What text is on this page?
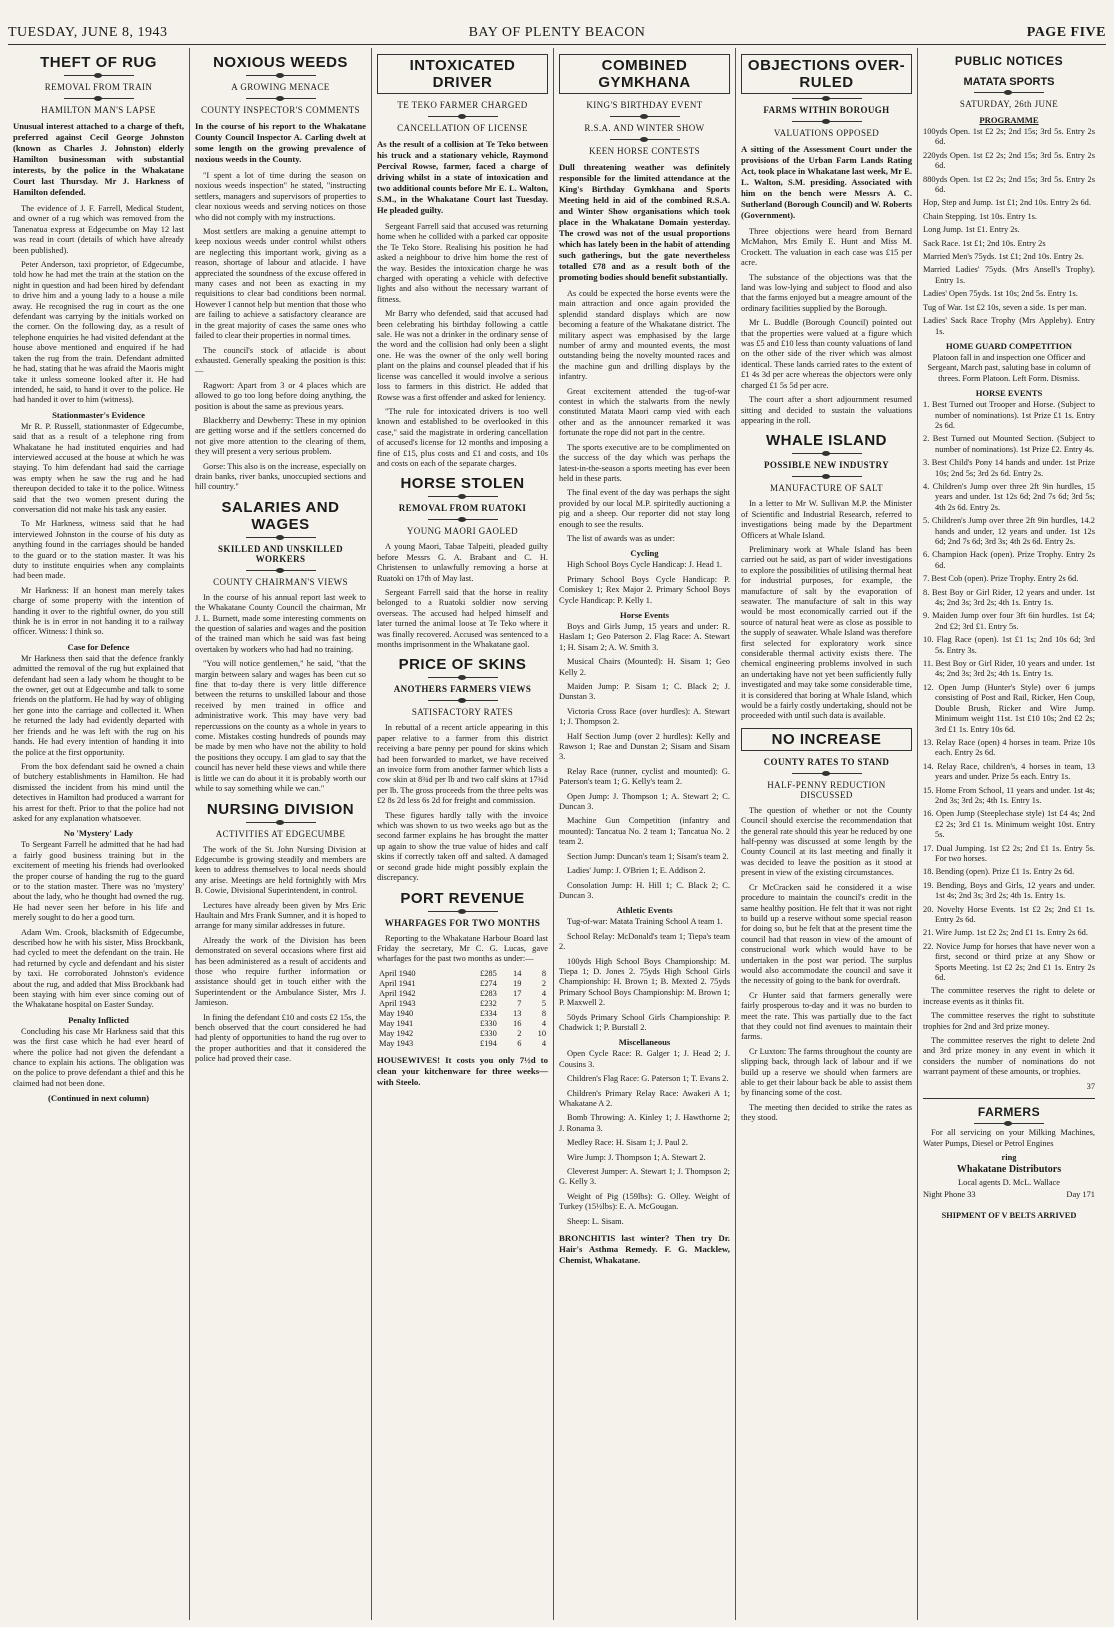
TUESDAY, JUNE 8, 1943	BAY OF PLENTY BEACON	PAGE FIVE
THEFT OF RUG
REMOVAL FROM TRAIN
HAMILTON MAN'S LAPSE
Unusual interest attached to a charge of theft, preferred against Cecil George Johnston (known as Charles J. Johnston) elderly Hamilton businessman with substantial interests, by the police in the Whakatane Court last Thursday. Mr J. Harkness of Hamilton defended.

The evidence of J. F. Farrell, Medical Student, and owner of a rug which was removed from the Tanenatua express at Edgecumbe on May 12 last was read in court (details of which have already been published).

Peter Anderson, taxi proprietor, of Edgecumbe, told how he had met the train at the station on the night in question and had been hired by defendant to drive him and a young lady to a house a mile away. He recognised the rug in court as the one defendant was carrying by the initials worked on the corner. On the following day, as a result of telephone enquiries he had visited defendant at the house above mentioned and enquired if he had taken the rug from the train. Defendant admitted he had, stating that he was afraid the Maoris might take it unless someone looked after it. He had intended, he said, to hand it over to the police. He had handed it over to him (witness).

Stationmaster's Evidence

Mr R. P. Russell, stationmaster of Edgecumbe, said that as a result of a telephone ring from Whakatane he had instituted enquiries and had interviewed accused at the house at which he was staying. To him defendant had said the carriage was empty when he saw the rug and he had thereupon decided to take it to the police. Witness said that the two women present during the conversation did not make his task any easier.

To Mr Harkness, witness said that he had interviewed Johnston in the course of his duty as anything found in the carriages should be handed to the guard or to the station master. It was his duty to institute enquiries when any complaints had been made.

Mr Harkness: If an honest man merely takes charge of some property with the intention of handing it over to the rightful owner, do you still think he is in error in not handing it to a railway officer. Witness: I think so.

Case for Defence

Mr Harkness then said that the defence frankly admitted the removal of the rug but explained that defendant had seen a lady whom he thought to be the owner, get out at Edgecumbe and talk to some friends on the platform. He had by way of obliging her gone into the carriage and collected it. When he returned the lady had evidently departed with her friends and he was left with the rug on his hands. He had every intention of handing it into the police at the first opportunity.

From the box defendant said he owned a chain of butchery establishments in Hamilton. He had dismissed the incident from his mind until the detectives in Hamilton had produced a warrant for his arrest for theft. Prior to that the police had not asked for any explanation whatsoever.

No 'Mystery' Lady

To Sergeant Farrell he admitted that he had had a fairly good business training but in the excitement of meeting his friends had overlooked the proper course of handing the rug to the guard or to the station master. There was no 'mystery' about the lady, who he thought had owned the rug. He had never seen her before in his life and merely sought to do her a good turn.

Adam Wm. Crook, blacksmith of Edgecumbe, described how he with his sister, Miss Brockbank, had cycled to meet the defendant on the train. He had returned by cycle and defendant and his sister by taxi. He corroborated Johnston's evidence about the rug, and added that Miss Brockbank had been staying with him ever since coming out of the Whakatane hospital on Easter Sunday.

Penalty Inflicted

Concluding his case Mr Harkness said that this was the first case which he had ever heard of where the police had not given the defendant a chance to explain his actions. The obligation was on the police to prove defendant a thief and this he claimed had not been done.

(Continued in next column)
NOXIOUS WEEDS
A GROWING MENACE
COUNTY INSPECTOR'S COMMENTS
In the course of his report to the Whakatane County Council Inspector A. Carling dwelt at some length on the growing prevalence of noxious weeds in the County.

"I spent a lot of time during the season on noxious weeds inspection" he stated, "instructing settlers, managers and supervisors of properties to clear noxious weeds and serving notices on those who did not comply with my instructions.

Most settlers are making a genuine attempt to keep noxious weeds under control whilst others are neglecting this important work, giving as a reason, shortage of labour and atlacide. I have appreciated the soundness of the excuse offered in many cases and not been as exacting in my requisitions to clear bad conditions been normal. However I cannot help but mention that those who are failing to achieve a satisfactory clearance are in the great majority of cases the same ones who failed to clear their properties in normal times.

The council's stock of atlacide is about exhausted. Generally speaking the position is this:—

Ragwort: Apart from 3 or 4 places which are allowed to go too long before doing anything, the position is about the same as previous years.

Blackberry and Dewberry: These in my opinion are getting worse and if the settlers concerned do not give more attention to the clearing of them, they will present a very serious problem.

Gorse: This also is on the increase, especially on drain banks, river banks, unoccupied sections and hill country."

SALARIES AND WAGES
SKILLED AND UNSKILLED WORKERS
COUNTY CHAIRMAN'S VIEWS

In the course of his annual report last week to the Whakatane County Council the chairman, Mr J. L. Burnett, made some interesting comments on the question of salaries and wages and the position of the trained man which he said was fast being overtaken by workers who had had no training.

"You will notice gentlemen," he said, "that the margin between salary and wages has been cut so fine that to-day there is very little difference between the returns to unskilled labour and those received by men trained in office and administrative work. This may have very bad repercussions on the county as a whole in years to come. Mistakes costing hundreds of pounds may be made by men who have not the ability to hold the positions they occupy. I am glad to say that the council has never held these views and while there is little we can do about it it is probably worth our while to say something while we can."

NURSING DIVISION
ACTIVITIES AT EDGECUMBE

The work of the St. John Nursing Division at Edgecumbe is growing steadily and members are keen to address themselves to local needs should any arise. Meetings are held fortnightly with Mrs B. Cowie, Divisional Superintendent, in control.

Lectures have already been given by Mrs Eric Haultain and Mrs Frank Sumner, and it is hoped to arrange for many similar addresses in future.

Already the work of the Division has been demonstrated on several occasions where first aid has been administered as a result of accidents and those who require further information or assistance should get in touch either with the Superintendent or the Ambulance Sister, Mrs J. Jamieson.

In fining the defendant £10 and costs £2 15s, the bench observed that the court considered he had had plenty of opportunities to hand the rug over to the proper authorities and that it considered the police had proved their case.

INTOXICATED DRIVER
TE TEKO FARMER CHARGED
CANCELLATION OF LICENSE
As the result of a collision at Te Teko between his truck and a stationary vehicle, Raymond Percival Rowse, farmer, faced a charge of driving whilst in a state of intoxication and two additional counts before Mr E. L. Walton, S.M., in the Whakatane Court last Tuesday. He pleaded guilty.

Sergeant Farrell said that accused was returning home when he collided with a parked car opposite the Te Teko Store. Realising his position he had asked a neighbour to drive him home the rest of the way. Besides the intoxication charge he was charged with operating a vehicle with defective lights and also without the necessary warrant of fitness.

Mr Barry who defended, said that accused had been celebrating his birthday following a cattle sale. He was not a drinker in the ordinary sense of the word and the collision had only been a slight one. He was the owner of the only well boring plant on the plains and counsel pleaded that if his license was cancelled it would involve a serious loss to farmers in this district. He added that Rowse was a first offender and asked for leniency.

"The rule for intoxicated drivers is too well known and established to be overlooked in this case," said the magistrate in ordering cancellation of accused's license for 12 months and imposing a fine of £15, plus costs and £1 and costs, and 10s and costs on each of the separate charges.

HORSE STOLEN
REMOVAL FROM RUATOKI
YOUNG MAORI GAOLED

A young Maori, Tabae Talpeiti, pleaded guilty before Messrs G. A. Brabant and C. H. Christensen to unlawfully removing a horse at Ruatoki on 17th of May last.

Sergeant Farrell said that the horse in reality belonged to a Ruatoki soldier now serving overseas. The accused had helped himself and later turned the animal loose at Te Teko where it was finally recovered. Accused was sentenced to a months imprisonment in the Whakatane gaol.

PRICE OF SKINS
ANOTHERS FARMERS VIEWS
SATISFACTORY RATES

In rebuttal of a recent article appearing in this paper relative to a farmer from this district receiving a bare penny per pound for skins which had been forwarded to market, we have received an invoice form from another farmer which lists a cow skin at 8¾d per lb and two calf skins at 17¾d per lb. The gross proceeds from the three pelts was £2 8s 2d less 6s 2d for freight and commission.

These figures hardly tally with the invoice which was shown to us two weeks ago but as the second farmer explains he has brought the matter up again to show the true value of hides and calf skins if correctly taken off and salted. A damaged or second grade hide might possibly explain the discrepancy.

PORT REVENUE
WHARFAGES FOR TWO MONTHS

Reporting to the Whakatane Harbour Board last Friday the secretary, Mr C. G. Lucas, gave wharfages for the past two months as under:—

April 1940	£285	14	8
April 1941	£274	19	2
April 1942	£283	17	4
April 1943	£232	7	5
May 1940	£334	13	8
May 1941	£330	16	4
May 1942	£330	2	10
May 1943	£194	6	4
HOUSEWIVES! It costs you only 7½d to clean your kitchenware for three weeks—with Steelo.
COMBINED GYMKHANA
KING'S BIRTHDAY EVENT
R.S.A. AND WINTER SHOW
KEEN HORSE CONTESTS
Dull threatening weather was definitely responsible for the limited attendance at the King's Birthday Gymkhana and Sports Meeting held in aid of the combined R.S.A. and Winter Show organisations which took place in the Whakatane Domain yesterday. The crowd was not of the usual proportions which has lately been in the habit of attending such gatherings, but the gate nevertheless totalled £78 and as a result both of the promoting bodies should benefit substantially.

As could be expected the horse events were the main attraction and once again provided the splendid standard displays which are now becoming a feature of the Whakatane district. The military aspect was emphasised by the large number of army and mounted events, the most outstanding being the novelty mounted races and the machine gun and drilling displays by the infantry.

Great excitement attended the tug-of-war contest in which the stalwarts from the newly constituted Matata Maori camp vied with each other and as the announcer remarked it was fortunate the rope did not part in the centre.

The sports executive are to be complimented on the success of the day which was perhaps the latest-in-the-season a sports meeting has ever been held in these parts.

The final event of the day was perhaps the sight provided by our local M.P. spiritedly auctioning a pig and a sheep. Our reporter did not stay long enough to see the results.

The list of awards was as under:

Cycling

High School Boys Cycle Handicap: J. Head 1.

Primary School Boys Cycle Handicap: P. Comiskey 1; Rex Major 2. Primary School Boys Cycle Handicap: P. Kelly 1.

Horse Events

Boys and Girls Jump, 15 years and under: R. Haslam 1; Geo Paterson 2. Flag Race: A. Stewart 1; H. Sisam 2; A. W. Smith 3.

Musical Chairs (Mounted): H. Sisam 1; Geo Kelly 2.

Maiden Jump: P. Sisam 1; C. Black 2; J. Dunstan 3.

Victoria Cross Race (over hurdles): A. Stewart 1; J. Thompson 2.

Half Section Jump (over 2 hurdles): Kelly and Rawson 1; Rae and Dunstan 2; Sisam and Sisam 3.

Relay Race (runner, cyclist and mounted): G. Paterson's team 1; G. Kelly's team 2.

Open Jump: J. Thompson 1; A. Stewart 2; C. Duncan 3.

Machine Gun Competition (infantry and mounted): Tancatua No. 2 team 1; Tancatua No. 2 team 2.

Section Jump: Duncan's team 1; Sisam's team 2.

Ladies' Jump: J. O'Brien 1; E. Addison 2.

Consolation Jump: H. Hill 1; C. Black 2; C. Duncan 3.

Athletic Events

Tug-of-war: Matata Training School A team 1.

School Relay: McDonald's team 1; Tiepa's team 2.

100yds High School Boys Championship: M. Tiepa 1; D. Jones 2. 75yds High School Girls Championship: H. Brown 1; B. Mexted 2. 75yds Primary School Boys Championship: M. Brown 1; P. Maxwell 2.

50yds Primary School Girls Championship: P. Chadwick 1; P. Burstall 2.

Miscellaneous

Open Cycle Race: R. Galger 1; J. Head 2; J. Cousins 3.

Children's Flag Race: G. Paterson 1; T. Evans 2.

Children's Primary Relay Race: Awakeri A 1; Whakatane A 2.

Bomb Throwing: A. Kinley 1; J. Hawthorne 2; J. Ronama 3.

Medley Race: H. Sisam 1; J. Paul 2.

Wire Jump: J. Thompson 1; A. Stewart 2.

Cleverest Jumper: A. Stewart 1; J. Thompson 2; G. Kelly 3.

Weight of Pig (159lbs): G. Olley. Weight of Turkey (15½lbs): E. A. McGougan.

Sheep: L. Sisam.

BRONCHITIS last winter? Then try Dr. Hair's Asthma Remedy. F. G. Macklew, Chemist, Whakatane.
OBJECTIONS OVER-RULED
FARMS WITHIN BOROUGH
VALUATIONS OPPOSED
A sitting of the Assessment Court under the provisions of the Urban Farm Lands Rating Act, took place in Whakatane last week, Mr E. L. Walton, S.M. presiding. Associated with him on the bench were Messrs A. C. Sutherland (Borough Council) and W. Roberts (Government).

Three objections were heard from Bernard McMahon, Mrs Emily E. Hunt and Miss M. Crockett. The valuation in each case was £15 per acre.

The substance of the objections was that the land was low-lying and subject to flood and also that the farms enjoyed but a meagre amount of the ordinary facilities supplied by the Borough.

Mr L. Buddle (Borough Council) pointed out that the properties were valued at a figure which was £5 and £10 less than county valuations of land on the other side of the river which was almost identical. These lands carried rates to the extent of £1 4s 3d per acre whereas the objectors were only charged £1 5s 5d per acre.

The court after a short adjournment resumed sitting and decided to sustain the valuations appearing in the roll.

WHALE ISLAND
POSSIBLE NEW INDUSTRY
MANUFACTURE OF SALT

In a letter to Mr W. Sullivan M.P. the Minister of Scientific and Industrial Research, referred to investigations being made by the Department Officers at Whale Island.

Preliminary work at Whale Island has been carried out he said, as part of wider investigations to explore the possibilities of utilising thermal heat for industrial purposes, for example, the manufacture of salt by the evaporation of seawater. The manufacture of salt in this way would be most economically carried out if the source of natural heat were as close as possible to the supply of seawater. Whale Island was therefore first selected for exploratory work since considerable thermal activity exists there. The chemical engineering problems involved in such an undertaking have not yet been sufficiently fully investigated and may take some considerable time, it is considered that boring at Whale Island, which would be a fairly costly undertaking, should not be proceeded with until such data is available.

NO INCREASE
COUNTY RATES TO STAND
HALF-PENNY REDUCTION DISCUSSED

The question of whether or not the County Council should exercise the recommendation that the general rate should this year be reduced by one half-penny was discussed at some length by the County Council at its last meeting and finally it was decided to leave the position as it stood at present in view of the existing circumstances.

Cr McCracken said he considered it a wise procedure to maintain the council's credit in the same healthy position. He felt that it was not right to build up a reserve without some special reason for doing so, but he felt that at the present time the council had that reason in view of the amount of construcional work which would have to be undertaken in the post war period. The surplus would also accommodate the council and save it the necessity of going to the bank for overdraft.

Cr Hunter said that farmers generally were fairly prosperous to-day and it was no burden to meet the rate. This was partially due to the fact that they could not find avenues to maintain their farms.

Cr Luxton: The farms throughout the county are slipping back, through lack of labour and if we build up a reserve we should when farmers are able to get their labour back be able to assist them by financing some of the cost.

The meeting then decided to strike the rates as they stood.

PUBLIC NOTICES
MATATA SPORTS
SATURDAY, 26th JUNE
PROGRAMME
100yds Open. 1st £2 2s; 2nd 15s; 3rd 5s. Entry 2s 6d.
220yds Open. 1st £2 2s; 2nd 15s; 3rd 5s. Entry 2s 6d.
880yds Open. 1st £2 2s; 2nd 15s; 3rd 5s. Entry 2s 6d.
Hop, Step and Jump. 1st £1; 2nd 10s. Entry 2s 6d.
Chain Stepping. 1st 10s. Entry 1s.
Long Jump. 1st £1. Entry 2s.
Sack Race. 1st £1; 2nd 10s. Entry 2s
Married Men's 75yds. 1st £1; 2nd 10s. Entry 2s.
Married Ladies' 75yds. (Mrs Ansell's Trophy). Entry 1s.
Ladies' Open 75yds. 1st 10s; 2nd 5s. Entry 1s.
Tug of War. 1st £2 10s, seven a side. 1s per man.
Ladies' Sack Race Trophy (Mrs Appleby). Entry 1s.
HOME GUARD COMPETITION
Platoon fall in and inspection one Officer and Sergeant, March past, saluting base in column of threes. Form Platoon. Left Form. Dismiss.
HORSE EVENTS
1. Best Turned out Trooper and Horse. (Subject to number of nominations). 1st Prize £1 1s. Entry 2s 6d.
2. Best Turned out Mounted Section. (Subject to number of nominations). 1st Prize £2. Entry 4s.
3. Best Child's Pony 14 hands and under. 1st Prize 10s; 2nd 5s; 3rd 2s 6d. Entry 2s.
4. Children's Jump over three 2ft 9in hurdles, 15 years and under. 1st 12s 6d; 2nd 7s 6d; 3rd 5s; 4th 2s 6d. Entry 2s.
5. Children's Jump over three 2ft 9in hurdles, 14.2 hands and under, 12 years and under. 1st 12s 6d; 2nd 7s 6d; 3rd 3s; 4th 2s 6d. Entry 2s.
6. Champion Hack (open). Prize Trophy. Entry 2s 6d.
7. Best Cob (open). Prize Trophy. Entry 2s 6d.
8. Best Boy or Girl Rider, 12 years and under. 1st 4s; 2nd 3s; 3rd 2s; 4th 1s. Entry 1s.
9. Maiden Jump over four 3ft 6in hurdles. 1st £4; 2nd £2; 3rd £1. Entry 5s.
10. Flag Race (open). 1st £1 1s; 2nd 10s 6d; 3rd 5s. Entry 3s.
11. Best Boy or Girl Rider, 10 years and under. 1st 4s; 2nd 3s; 3rd 2s; 4th 1s. Entry 1s.
12. Open Jump (Hunter's Style) over 6 jumps consisting of Post and Rail, Ricker, Hen Coup, Double Brush, Ricker and Wire Jump. Minimum weight 11st. 1st £10 10s; 2nd £2 2s; 3rd £1 1s. Entry 10s 6d.
13. Relay Race (open) 4 horses in team. Prize 10s each. Entry 2s 6d.
14. Relay Race, children's, 4 horses in team, 13 years and under. Prize 5s each. Entry 1s.
15. Home From School, 11 years and under. 1st 4s; 2nd 3s; 3rd 2s; 4th 1s. Entry 1s.
16. Open Jump (Steeplechase style) 1st £4 4s; 2nd £2 2s; 3rd £1 1s. Minimum weight 10st. Entry 5s.
17. Dual Jumping. 1st £2 2s; 2nd £1 1s. Entry 5s. For two horses.
18. Bending (open). Prize £1 1s. Entry 2s 6d.
19. Bending, Boys and Girls, 12 years and under. 1st 4s; 2nd 3s; 3rd 2s; 4th 1s. Entry 1s.
20. Novelty Horse Events. 1st £2 2s; 2nd £1 1s. Entry 2s 6d.
21. Wire Jump. 1st £2 2s; 2nd £1 1s. Entry 2s 6d.
22. Novice Jump for horses that have never won a first, second or third prize at any Show or Sports Meeting. 1st £2 2s; 2nd £1 1s. Entry 2s 6d.

The committee reserves the right to delete or increase events as it thinks fit.

The committee reserves the right to substitute trophies for 2nd and 3rd prize money.

The committee reserves the right to delete 2nd and 3rd prize money in any event in which it considers the number of nominations do not warrant payment of these amounts, or trophies.

37
FARMERS

For all servicing on your Milking Machines, Water Pumps, Diesel or Petrol Engines

ring
Whakatane Distributors
Local agents D. McL. Wallace
Night Phone 33	Day 171
SHIPMENT OF V BELTS ARRIVED
